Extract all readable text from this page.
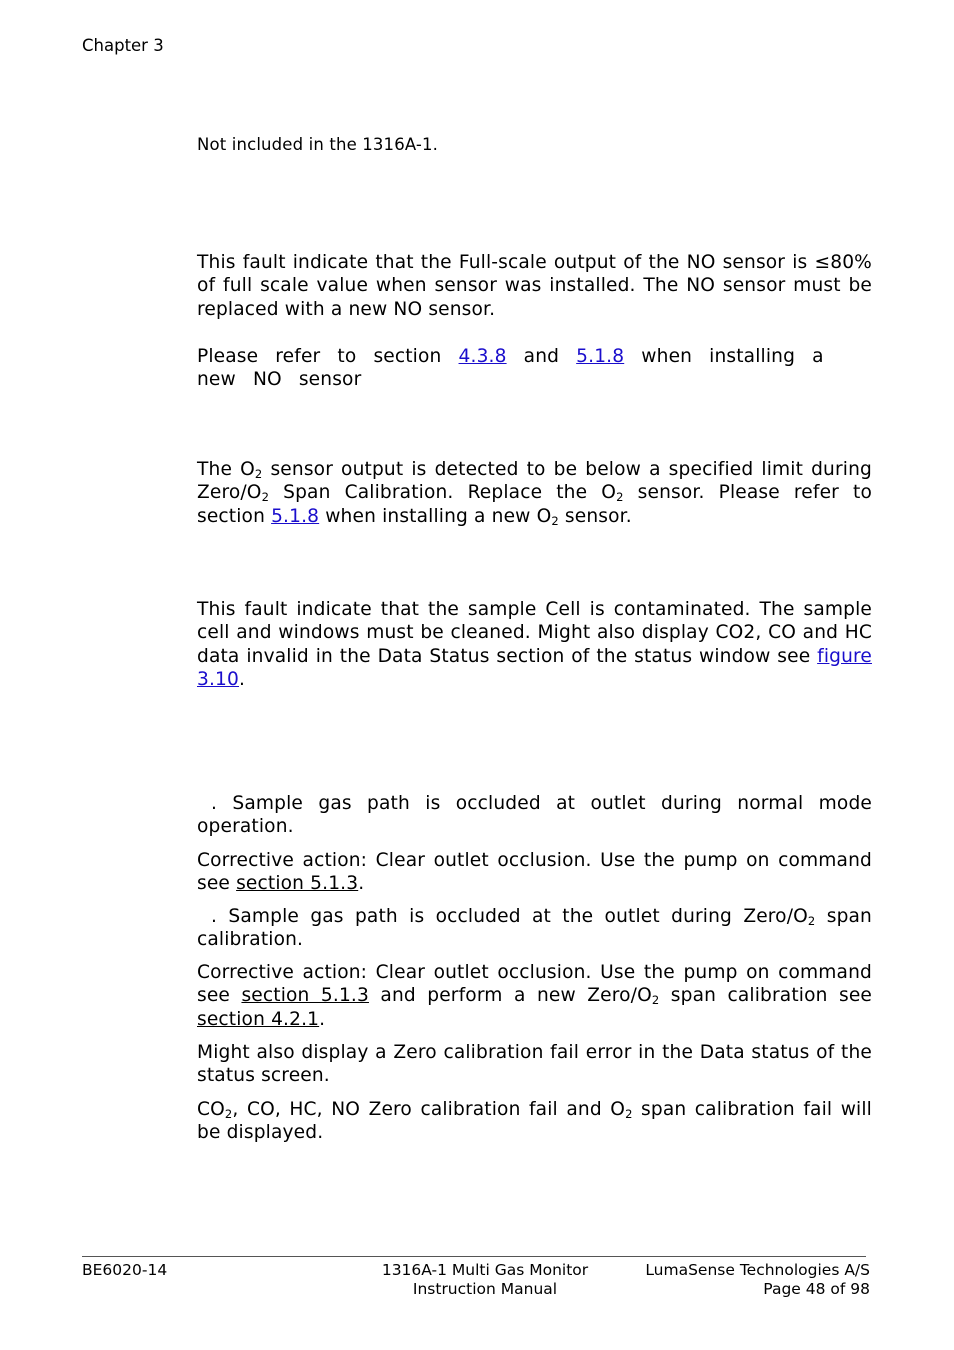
Chapter 3

Not included in the 1316A-1.

This fault indicate that the Full-scale output of the NO sensor is ≤80% of full scale value when sensor was installed. The NO sensor must be replaced with a new NO sensor.

Please refer to section 4.3.8 and 5.1.8 when installing a new NO sensor

The $O_2$ sensor output is detected to be below a specified limit during Zero/$O_2$ Span Calibration. Replace the $O_2$ sensor. Please refer to section 5.1.8 when installing a new $O_2$ sensor.

This fault indicate that the sample Cell is contaminated. The sample cell and windows must be cleaned. Might also display CO2, CO and HC data invalid in the Data Status section of the status window see figure 3.10.

. Sample gas path is occluded at outlet during normal mode operation.

Corrective action: Clear outlet occlusion. Use the pump on command see section 5.1.3.

. Sample gas path is occluded at the outlet during Zero/$O_2$ span calibration.

Corrective action: Clear outlet occlusion. Use the pump on command see section 5.1.3 and perform a new Zero/$O_2$ span calibration see section 4.2.1.

Might also display a Zero calibration fail error in the Data status of the status screen.

$CO_2$, CO, HC, NO Zero calibration fail and $O_2$ span calibration fail will be displayed.

BE6020-14	1316A-1 Multi Gas Monitor
Instruction Manual
LumaSense Technologies A/S
Page 48 of 98
